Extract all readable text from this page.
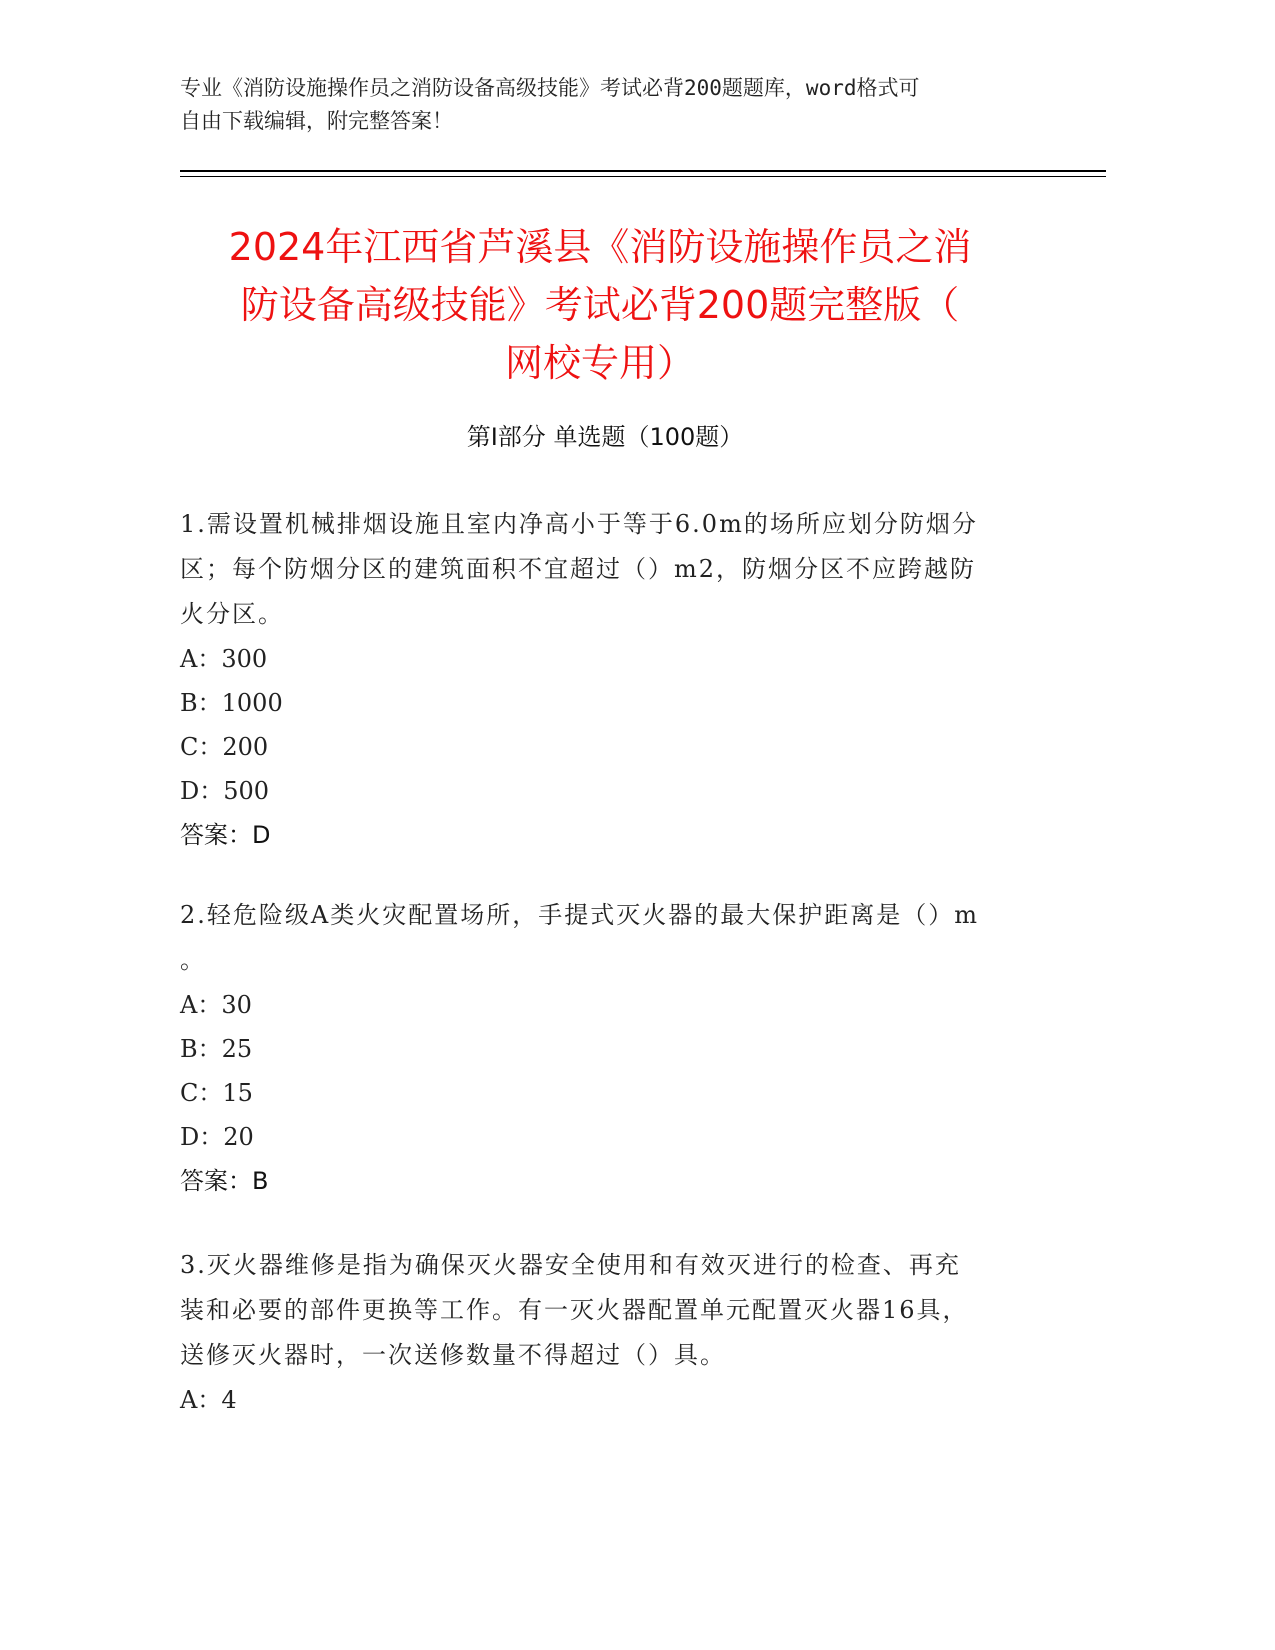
专业《消防设施操作员之消防设备高级技能》考试必背200题题库，word格式可
自由下载编辑，附完整答案！
2024年江西省芦溪县《消防设施操作员之消
防设备高级技能》考试必背200题完整版（
网校专用）
第Ⅰ部分 单选题（100题）
1.需设置机械排烟设施且室内净高小于等于6.0m的场所应划分防烟分
区；每个防烟分区的建筑面积不宜超过（）m2，防烟分区不应跨越防
火分区。
A：300
B：1000
C：200
D：500
答案：D
2.轻危险级A类火灾配置场所，手提式灭火器的最大保护距离是（）m
。
A：30
B：25
C：15
D：20
答案：B
3.灭火器维修是指为确保灭火器安全使用和有效灭进行的检查、再充
装和必要的部件更换等工作。有一灭火器配置单元配置灭火器16具，
送修灭火器时，一次送修数量不得超过（）具。
A：4
